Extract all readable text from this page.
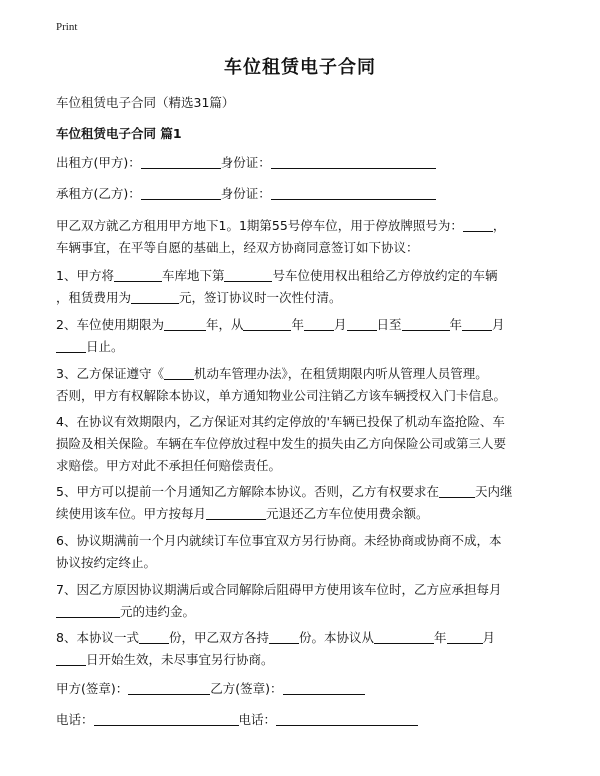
Print
车位租赁电子合同
车位租赁电子合同（精选31篇）
车位租赁电子合同 篇1
出租方(甲方)：	身份证：
承租方(乙方)：	身份证：
甲乙双方就乙方租用甲方地下1。1期第55号停车位，用于停放牌照号为： ，
车辆事宜，在平等自愿的基础上，经双方协商同意签订如下协议：
1、甲方将	车库地下第	号车位使用权出租给乙方停放约定的车辆
，租赁费用为	元，签订协议时一次性付清。
2、车位使用期限为	年，从	年 月 日至	年 月
日止。
3、乙方保证遵守《 机动车管理办法》，在租赁期限内听从管理人员管理。
否则，甲方有权解除本协议，单方通知物业公司注销乙方该车辆授权入门卡信息。
4、在协议有效期限内，乙方保证对其约定停放的'车辆已投保了机动车盗抢险、车
损险及相关保险。车辆在车位停放过程中发生的损失由乙方向保险公司或第三人要
求赔偿。甲方对此不承担任何赔偿责任。
5、甲方可以提前一个月通知乙方解除本协议。否则，乙方有权要求在	天内继
续使用该车位。甲方按每月	元退还乙方车位使用费余额。
6、协议期满前一个月内就续订车位事宜双方另行协商。未经协商或协商不成，本
协议按约定终止。
7、因乙方原因协议期满后或合同解除后阻碍甲方使用该车位时，乙方应承担每月
元的违约金。
8、本协议一式 份，甲乙双方各持 份。本协议从	年	月
日开始生效，未尽事宜另行协商。
甲方(签章)：	乙方(签章)：
电话：	电话：
